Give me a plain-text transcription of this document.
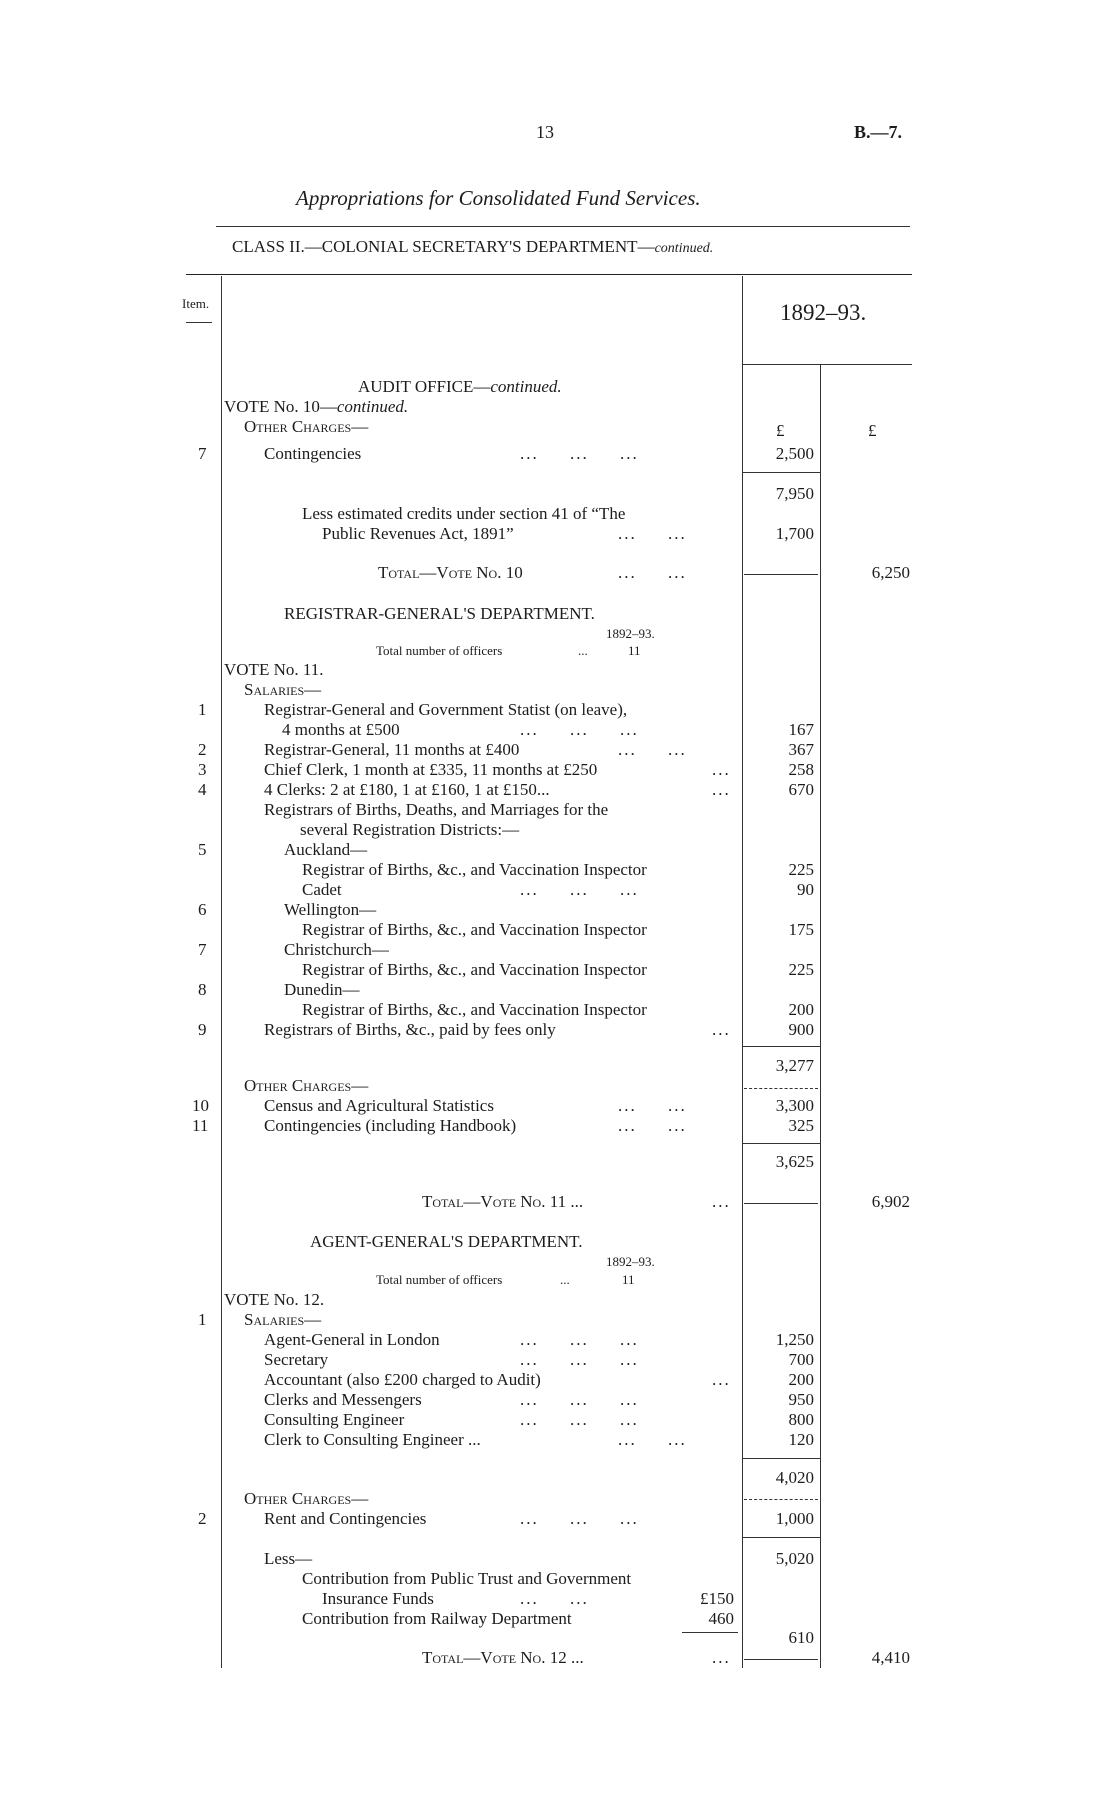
13	B.—7.
Appropriations for Consolidated Fund Services.
CLASS II.—COLONIAL SECRETARY'S DEPARTMENT—continued.
Item.	1892–93.
AUDIT OFFICE—continued.
VOTE No. 10—continued.
Other Charges—	£	£
7	Contingencies	...     ...     ...	2,500
7,950
Less estimated credits under section 41 of “The
Public Revenues Act, 1891”	...     ...	1,700
Total—Vote No. 10	...     ...	6,250
REGISTRAR-GENERAL'S DEPARTMENT.
1892–93.
Total number of officers	...	11
VOTE No. 11.
Salaries—
1	Registrar-General and Government Statist (on leave),
4 months at £500	...     ...     ...	167
2	Registrar-General, 11 months at £400	...     ...	367
3	Chief Clerk, 1 month at £335, 11 months at £250	...	258
4	4 Clerks: 2 at £180, 1 at £160, 1 at £150...	...	670
Registrars of Births, Deaths, and Marriages for the
several Registration Districts:—
5	Auckland—
Registrar of Births, &c., and Vaccination Inspector	225
Cadet	...     ...     ...	90
6	Wellington—
Registrar of Births, &c., and Vaccination Inspector	175
7	Christchurch—
Registrar of Births, &c., and Vaccination Inspector	225
8	Dunedin—
Registrar of Births, &c., and Vaccination Inspector	200
9	Registrars of Births, &c., paid by fees only	...	900
3,277
Other Charges—
10	Census and Agricultural Statistics	...     ...	3,300
11	Contingencies (including Handbook)	...     ...	325
3,625
Total—Vote No. 11 ...	...	6,902
AGENT-GENERAL'S DEPARTMENT.
1892–93.
Total number of officers	...	11
VOTE No. 12.
1 Salaries—
Agent-General in London	...     ...     ...	1,250
Secretary	...     ...     ...	700
Accountant (also £200 charged to Audit)	...	200
Clerks and Messengers	...     ...     ...	950
Consulting Engineer	...     ...     ...	800
Clerk to Consulting Engineer ...	...     ...	120
4,020
Other Charges—
2	Rent and Contingencies	...     ...     ...	1,000
Less—	5,020
Contribution from Public Trust and Government
Insurance Funds	...     ...	£150
Contribution from Railway Department	460
610
Total—Vote No. 12 ...	...	4,410
